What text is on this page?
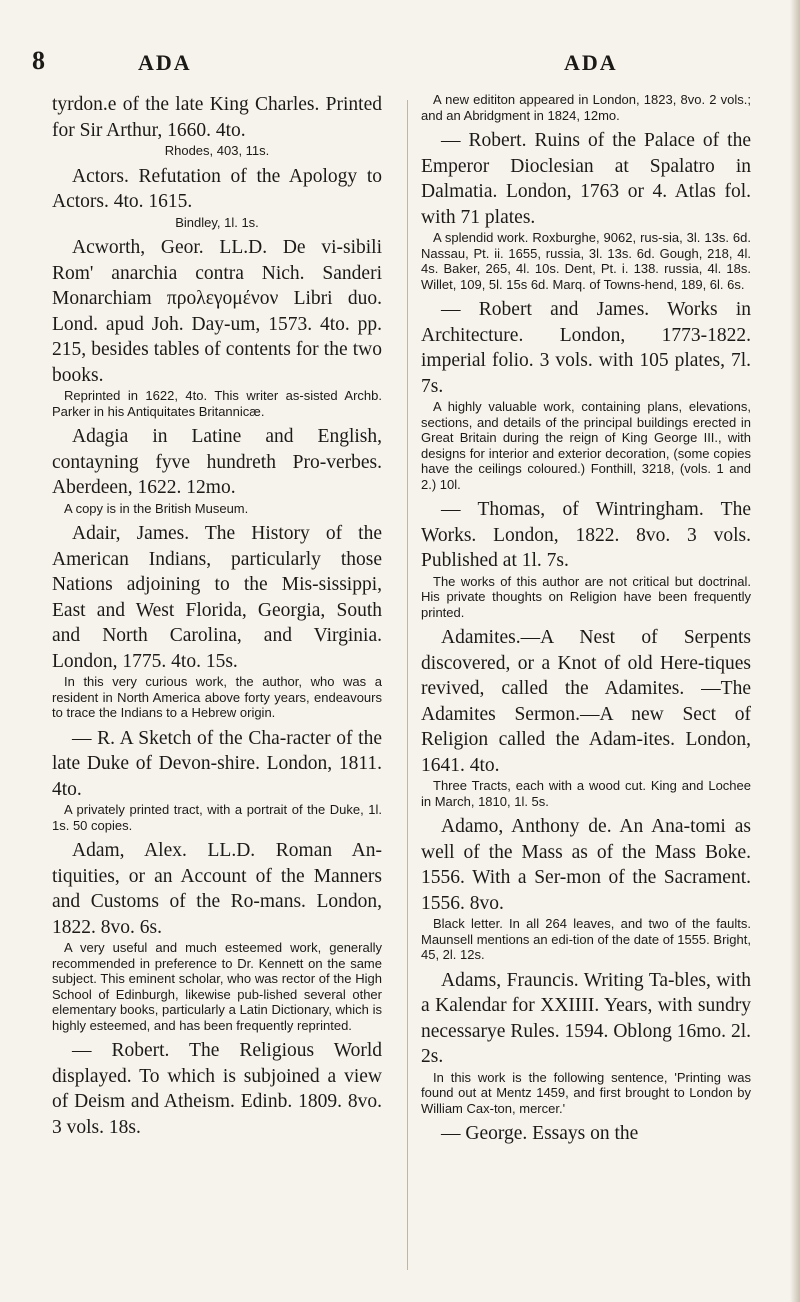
8	ADA	ADA

tyrdon.e of the late King Charles. Printed for Sir Arthur, 1660. 4to.

Rhodes, 403, 11s.

Actors. Refutation of the Apology to Actors. 4to. 1615.

Bindley, 1l. 1s.

Acworth, Geor. LL.D. De vi-sibili Rom' anarchia contra Nich. Sanderi Monarchiam προλεγομένον Libri duo. Lond. apud Joh. Day-um, 1573. 4to. pp. 215, besides tables of contents for the two books.

Reprinted in 1622, 4to. This writer as-sisted Archb. Parker in his Antiquitates Britannicæ.

Adagia in Latine and English, contayning fyve hundreth Pro-verbes. Aberdeen, 1622. 12mo.

A copy is in the British Museum.

Adair, James. The History of the American Indians, particularly those Nations adjoining to the Mis-sissippi, East and West Florida, Georgia, South and North Carolina, and Virginia. London, 1775. 4to. 15s.

In this very curious work, the author, who was a resident in North America above forty years, endeavours to trace the Indians to a Hebrew origin.

— R. A Sketch of the Cha-racter of the late Duke of Devon-shire. London, 1811. 4to.

A privately printed tract, with a portrait of the Duke, 1l. 1s. 50 copies.

Adam, Alex. LL.D. Roman An-tiquities, or an Account of the Manners and Customs of the Ro-mans. London, 1822. 8vo. 6s.

A very useful and much esteemed work, generally recommended in preference to Dr. Kennett on the same subject. This eminent scholar, who was rector of the High School of Edinburgh, likewise pub-lished several other elementary books, particularly a Latin Dictionary, which is highly esteemed, and has been frequently reprinted.

— Robert. The Religious World displayed. To which is subjoined a view of Deism and Atheism. Edinb. 1809. 8vo. 3 vols. 18s.

A new edititon appeared in London, 1823, 8vo. 2 vols.; and an Abridgment in 1824, 12mo.

— Robert. Ruins of the Palace of the Emperor Dioclesian at Spalatro in Dalmatia. London, 1763 or 4. Atlas fol. with 71 plates.

A splendid work. Roxburghe, 9062, rus-sia, 3l. 13s. 6d. Nassau, Pt. ii. 1655, russia, 3l. 13s. 6d. Gough, 218, 4l. 4s. Baker, 265, 4l. 10s. Dent, Pt. i. 138. russia, 4l. 18s. Willet, 109, 5l. 15s 6d. Marq. of Towns-hend, 189, 6l. 6s.

— Robert and James. Works in Architecture. London, 1773-1822. imperial folio. 3 vols. with 105 plates, 7l. 7s.

A highly valuable work, containing plans, elevations, sections, and details of the principal buildings erected in Great Britain during the reign of King George III., with designs for interior and exterior decoration, (some copies have the ceilings coloured.) Fonthill, 3218, (vols. 1 and 2.) 10l.

— Thomas, of Wintringham. The Works. London, 1822. 8vo. 3 vols. Published at 1l. 7s.

The works of this author are not critical but doctrinal. His private thoughts on Religion have been frequently printed.

Adamites.—A Nest of Serpents discovered, or a Knot of old Here-tiques revived, called the Adamites. —The Adamites Sermon.—A new Sect of Religion called the Adam-ites. London, 1641. 4to.

Three Tracts, each with a wood cut. King and Lochee in March, 1810, 1l. 5s.

Adamo, Anthony de. An Ana-tomi as well of the Mass as of the Mass Boke. 1556. With a Ser-mon of the Sacrament. 1556. 8vo.

Black letter. In all 264 leaves, and two of the faults. Maunsell mentions an edi-tion of the date of 1555. Bright, 45, 2l. 12s.

Adams, Frauncis. Writing Ta-bles, with a Kalendar for XXIIII. Years, with sundry necessarye Rules. 1594. Oblong 16mo. 2l. 2s.

In this work is the following sentence, 'Printing was found out at Mentz 1459, and first brought to London by William Cax-ton, mercer.'

— George. Essays on the
